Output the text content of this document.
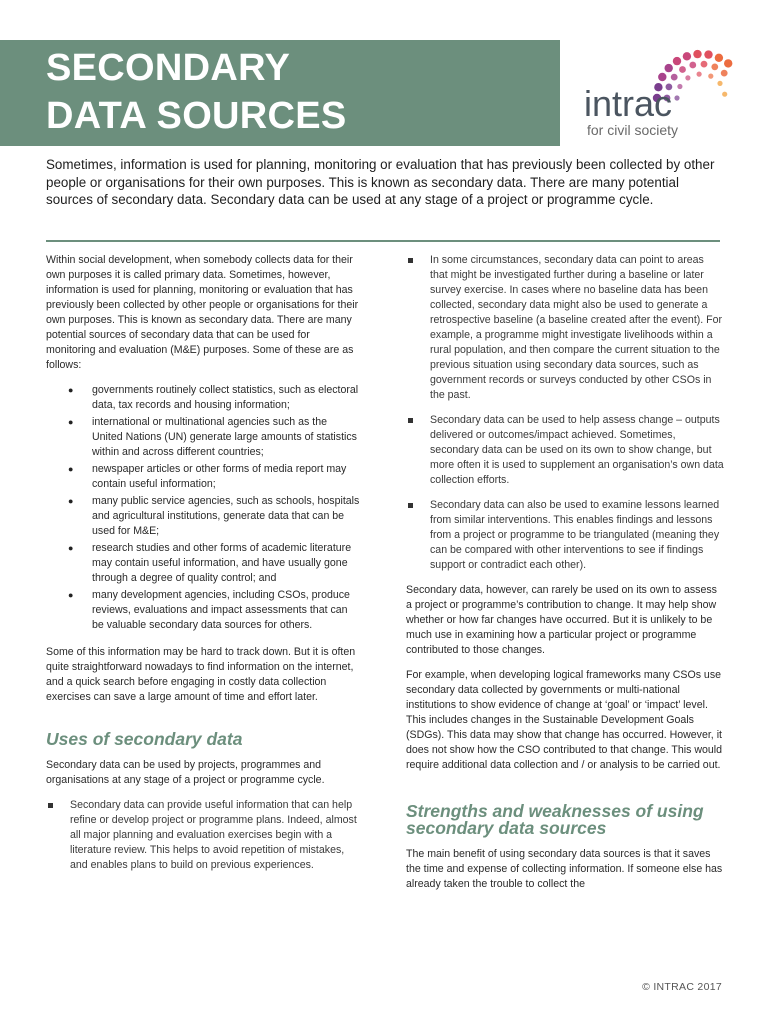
SECONDARY
DATA SOURCES	intrac
for civil society

Sometimes, information is used for planning, monitoring or evaluation that has previously been collected by other people or organisations for their own purposes. This is known as secondary data. There are many potential sources of secondary data. Secondary data can be used at any stage of a project or programme cycle.

Within social development, when somebody collects data for their own purposes it is called primary data. Sometimes, however, information is used for planning, monitoring or evaluation that has previously been collected by other people or organisations for their own purposes. This is known as secondary data. There are many potential sources of secondary data that can be used for monitoring and evaluation (M&E) purposes. Some of these are as follows:

● governments routinely collect statistics, such as electoral data, tax records and housing information;
● international or multinational agencies such as the United Nations (UN) generate large amounts of statistics within and across different countries;
● newspaper articles or other forms of media report may contain useful information;
● many public service agencies, such as schools, hospitals and agricultural institutions, generate data that can be used for M&E;
● research studies and other forms of academic literature may contain useful information, and have usually gone through a degree of quality control; and
● many development agencies, including CSOs, produce reviews, evaluations and impact assessments that can be valuable secondary data sources for others.

Some of this information may be hard to track down. But it is often quite straightforward nowadays to find information on the internet, and a quick search before engaging in costly data collection exercises can save a large amount of time and effort later.

Uses of secondary data

Secondary data can be used by projects, programmes and organisations at any stage of a project or programme cycle.

Secondary data can provide useful information that can help refine or develop project or programme plans. Indeed, almost all major planning and evaluation exercises begin with a literature review. This helps to avoid repetition of mistakes, and enables plans to build on previous experiences.
In some circumstances, secondary data can point to areas that might be investigated further during a baseline or later survey exercise. In cases where no baseline data has been collected, secondary data might also be used to generate a retrospective baseline (a baseline created after the event). For example, a programme might investigate livelihoods within a rural population, and then compare the current situation to the previous situation using secondary data sources, such as government records or surveys conducted by other CSOs in the past.
Secondary data can be used to help assess change – outputs delivered or outcomes/impact achieved. Sometimes, secondary data can be used on its own to show change, but more often it is used to supplement an organisation’s own data collection efforts.
Secondary data can also be used to examine lessons learned from similar interventions. This enables findings and lessons from a project or programme to be triangulated (meaning they can be compared with other interventions to see if findings support or contradict each other).

Secondary data, however, can rarely be used on its own to assess a project or programme’s contribution to change. It may help show whether or how far changes have occurred. But it is unlikely to be much use in examining how a particular project or programme contributed to those changes.

For example, when developing logical frameworks many CSOs use secondary data collected by governments or multi-national institutions to show evidence of change at ‘goal’ or ‘impact’ level. This includes changes in the Sustainable Development Goals (SDGs). This data may show that change has occurred. However, it does not show how the CSO contributed to that change. This would require additional data collection and / or analysis to be carried out.

Strengths and weaknesses of using secondary data sources

The main benefit of using secondary data sources is that it saves the time and expense of collecting information. If someone else has already taken the trouble to collect the

© INTRAC 2017
